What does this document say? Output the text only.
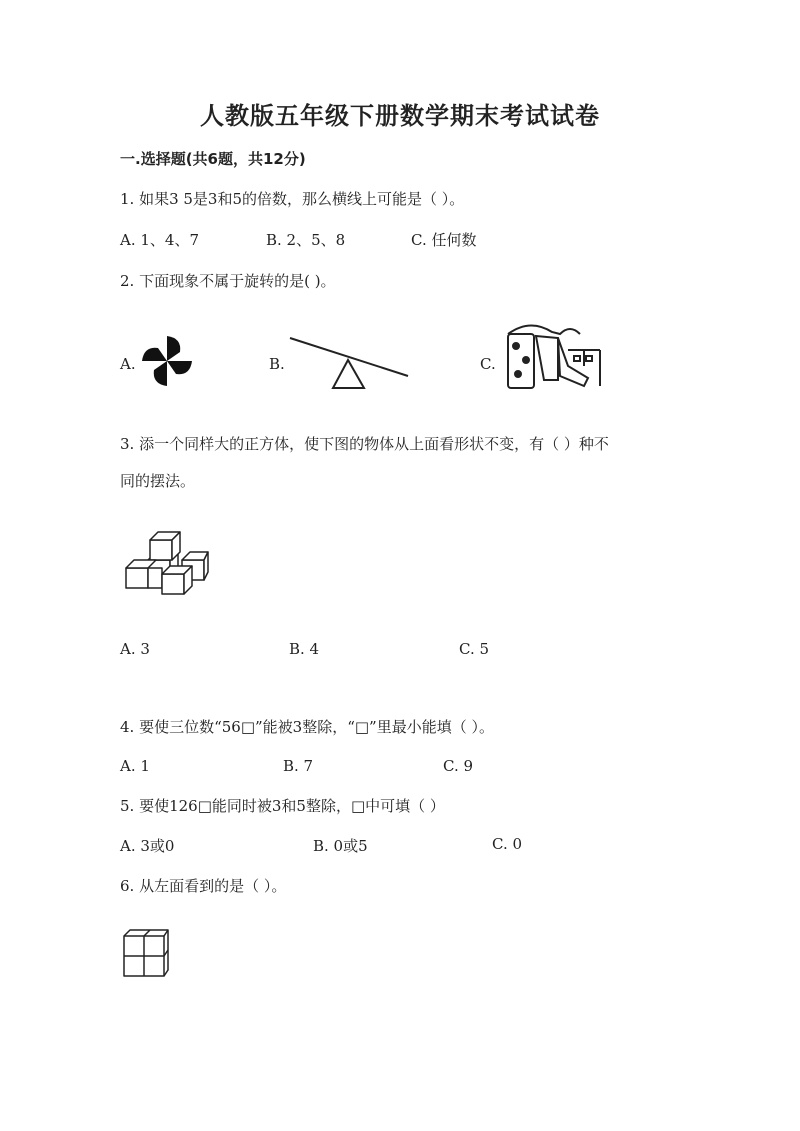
人教版五年级下册数学期末考试试卷
一.选择题(共6题，共12分)
1. 如果3 5是3和5的倍数，那么横线上可能是（ ）。
A. 1、4、7	B. 2、5、8	C. 任何数
2. 下面现象不属于旋转的是( )。
A.	B.	C.
3. 添一个同样大的正方体，使下图的物体从上面看形状不变，有（ ）种不
同的摆法。
A. 3	B. 4	C. 5
4. 要使三位数“56□”能被3整除，“□”里最小能填（ ）。
A. 1	B. 7	C. 9
5. 要使126□能同时被3和5整除，□中可填（ ）
A. 3或0	B. 0或5	C. 0
6. 从左面看到的是（ ）。
